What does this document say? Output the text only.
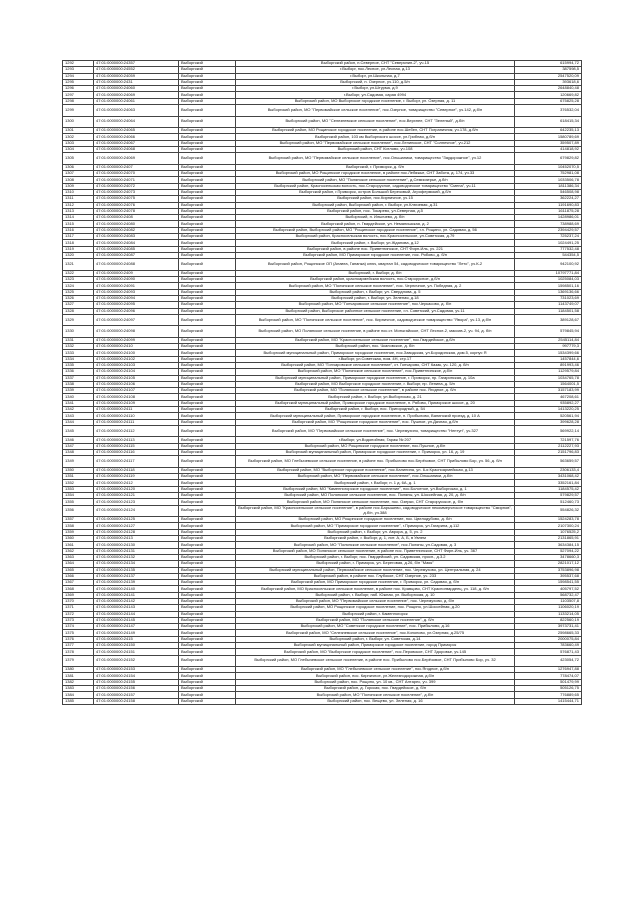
1292	47:01:0000000:24357	Выборгский	Выборгский район, п.Северное, СНТ "Северянин-2", уч.15	615994,72
1293	47:01:0000000:24552	Выборгский	г.Выборг, пос.Лесное, ул.Лесная, д.13	387598,5
1294	47:01:0000000:24059	Выборгский	г.Выборг, ул.Школьная, д.7	2547520,09
1295	47:01:0000000:2431	Выборгский	Выборгский, п. Озерное, уч.110, д.5/н	393618,6
1296	47:01:0000000:24060	Выборгский	г.Выборг, ул.Штурма, д.9	2648840,48
1297	47:01:0000000:24069	Выборгский	г.Выборг, ул.Садовая, сарая 4994	120669,82
1298	47:01:0000000:24061	Выборгский	Выборгский район, МО Выборгское городское поселение, г. Выборг, ул. Озерная, д. 11	675825,28
1299	47:01:0000000:24063	Выборгский	Выборгский район, МО "Первомайское сельское поселение", пос.Озерное, товарищество "Северное", уч.142, д.б/н	376532,04
1300	47:01:0000000:24064	Выборгский	Выборгский район, МО "Селезневское сельское поселение", пос.Верхнее, СНТ "Зеленый", д.б/н	618415,34
1301	47:01:0000000:24065	Выборгский	Выборгский район, МО Рощинское городское поселение, в районе пос.Шебел, СНТ Пограничник, уч.178, д.б/н	642235,13
1302	47:01:0000000:24066	Выборгский	Выборгский район, 103 км Выборгского шоссе, ул.Грибная, д.б/н	1580789,69
1303	47:01:0000000:24067	Выборгский	Выборгский район, МО "Первомайское сельское поселение", пос.Ленинское, СНТ "Солнечное", уч.212	359507,89
1304	47:01:0000000:24068	Выборгский	Выборгский район, СНТ Котлово, уч.108	414818,92
1305	47:01:0000000:24069	Выборгский	Выборгский район, МО "Первомайское сельское поселение", пос.Ольшаники, товарищество "Заудорожное", уч.12	679829,82
1306	47:01:0000000:2407	Выборгский	Выборгский, г. Приморск, д. б/н	10452070,5
1307	47:01:0000000:24070	Выборгский	Выборгский район, МО Рощинское городское поселение, в районе пос.Лебяжье, СНТ Забота, д. 174, уч.33	752981,08
1308	47:01:0000000:24071	Выборгский	Выборгский район, МО "Полянское сельское поселение", д.Семиозерье, д.б/н	1033506,78
1309	47:01:0000000:24072	Выборгский	Выборгский район, Красносельская волость, пос.Старорусное, садоводческое товарищество "Смена", уч.11	1811386,34
1310	47:01:0000000:24073	Выборгский	Выборгский район, г.Приморск, остров Большой Березовый, Агрофермский, д.б/н	546508,98
1311	47:01:0000000:24075	Выборгский	Выборгский район, пос.Кирпичное, уч.15	362224,27
1312	47:01:0000000:24076	Выборгский	Выборгский район, Выборгский район, г. Выборг, ул.Ключевая, д.31	1191690,83
1313	47:01:0000000:24078	Выборгский	Выборгский район, пос. Токарево, ул.Северная, д.5	1611875,28
1314	47:01:0000000:2408	Выборгский	Выборгский, п. Ильичево, д. б/н	1428986,01
1315	47:01:0000000:24080	Выборгский	Выборгский район, п. Гвардейское, ул. Неманишская, д. 2	738988,69
1316	47:01:0000000:24082	Выборгский	Выборгский район, Выборгский район, МО "Рощинское городское поселение", г.п. Рощино, ул. Садовая, д. 56	2394429,57
1317	47:01:0000000:24083	Выборгский	Выборгский район, Красносельская волость, пос.Красносельское, ул.Советская, д.79	725237,24
1318	47:01:0000000:24084	Выборгский	Выборгский район, г. Выборг, ул.Жданова, д.12	1024491,25
1319	47:01:0000000:24085	Выборгский	Выборгский район, в районе пос. Приветнинское, СНТ Фирн-Иль, уч. 221	777532,48
1320	47:01:0000000:24087	Выборгский	Выборгский район, МО Приморское городское поселение, пос. Рябово, д. б/н	544354,5
1321	47:01:0000000:24088	Выборгский	Выборгский район, Рощинское ОП (Анавта, Гапанка) ключ, квартал 54, садоводческое товарищество "Лето", уч.К-2	942100,92
1322	47:01:0000000:2409	Выборгский	Выборгский, г. Выборг, д. б/н	10797771,84
1323	47:01:0000000:24090	Выборгский	Выборгский район, красноармейская волость, пос.Старорусное, д.б/н	1025084,03
1324	47:01:0000000:24091	Выборгский	Выборгский район, МО "Полянское сельское поселение", пос. Черничное, ул. Победная, д. 2	1598501,16
1325	47:01:0000000:24093	Выборгский	Выборгский район, г. Выборг, ул. Свердлова, д. 5	1369136,66
1326	47:01:0000000:24094	Выборгский	Выборгский район, г. Выборг, ул. Зеленая, д.18	731023,69
1327	47:01:0000000:24095	Выборгский	Выборгский район, МО "Гончаровское сельское поселение", пос.Черкасово, д. б/н	1143749,07
1328	47:01:0000000:24096	Выборгский	Выборгский район, Выборгское районное сельское поселение, г.п. Советский, ул.Садовая, уч.11	1184501,58
1329	47:01:0000000:24097	Выборгский	Выборгский район, МО "Полянское сельское поселение", пос. Кирпичное, садоводческое товарищество "Явора", уч.13, д.б/н	389128,67
1330	47:01:0000000:24098	Выборгский	Выборгский район, МО Полянское сельское поселение, в районе пос.ст. Мотыгайское, СНТ Лесное-2, массив-2, уч. 94, д. б/н	579845,94
1331	47:01:0000000:24099	Выборгский	Выборгский район, МО "Красносельское сельское поселение", пос.Гвардейское, д.б/н	2545114,84
1332	47:01:0000000:2410	Выборгский	Выборгский район, пос. Чкаловское, д. б/н	997779,3
1333	47:01:0000000:24100	Выборгский	Выборгский муниципальный район, Приморское городское поселение, пос.Заводская, ул.Бородинская, дом.5, корпус Я	1534399,66
1334	47:01:0000000:24102	Выборгский	г.Выборг, ул.Советская, пом. 4Н, стр.17	1457844,6
1335	47:01:0000000:24103	Выборгский	Выборгский район, МО "Гончаровское сельское поселение", ст. Гончарово, СНТ Казак, уч. 120, д. б/н	891993,46
1336	47:01:0000000:24104	Выборгский	Выборгский район, МО "Полянское сельское поселение", пос.Приветнинское, д.б/н	1129579,84
1337	47:01:0000000:24105	Выборгский	Выборгский муниципальный район, Приморское городское поселение, г. Приморск, пр. Гагаринская, д. 10а	1034765,78
1338	47:01:0000000:24106	Выборгский	Выборгский район, МО Выборгское городское поселение, г. Выборг, пр. Ленина, д. 5/н	1564001,5
1339	47:01:0000000:24107	Выборгский	Выборгский район, МО "Полянское сельское поселение", в районе пос. Ягодное, д. б/н	3157183,99
1340	47:01:0000000:24108	Выборгский	Выборгский район, г. Выборг, ул.Выборгская, д. 21	467208,61
1341	47:01:0000000:24109	Выборгский	Выборгский муниципальный район, Приморское городское поселение, п. Рябово, Приморское шоссе, д. 20	935892,27
1342	47:01:0000000:2411	Выборгский	Выборгский район, г. Выборг, пос. Пригородный, д. 54	1413220,25
1343	47:01:0000000:24110	Выборгский	Выборгский муниципальный район, Приморское городское поселение, п. Прибылово, Ванинский проезд, д. 10 А	520561,94
1344	47:01:0000000:24111	Выборгский	Выборгский район, МО "Рощинское городское поселение", пос. Пушное, ул.Дачная, д.б/н	399628,28
1345	47:01:0000000:24112	Выборгский	Выборгский район, МО "Первомайское сельское поселение", пос. Черемухино, товарищество "Нептун", уч.327	569922,14
1346	47:01:0000000:24113	Выборгский	г.Выборг, ул.Водопойная, Гараж № 207	721597,76
1347	47:01:0000000:24115	Выборгский	Выборгский район, МО Рощинское городское поселение, пос.Пушное, д.б/н	2112227,93
1348	47:01:0000000:24116	Выборгский	Выборгский муниципальный район, Приморское городское поселение, г. Приморск, ул. 16, д. 19	2151796,83
1349	47:01:0000000:24117	Выборгский	Выборгский район, МО Глебычевское сельское поселение, в районе пос. Прибылово пос.Берёзовое, СНТ Прибылово Бор, уч. 56, д. б/н	563659,57
1350	47:01:0000000:24118	Выборгский	Выборгский район, МО "Выборгское городское поселение", пос.Калинина, ул. 6-я Красноармейская, д.13	2306133,4
1351	47:01:0000000:24119	Выборгский	Выборгский район, МО "Первомайское сельское поселение", пос.Ольшаники, д.б/н	3431068,42
1352	47:01:0000000:2412	Выборгский	Выборгский район, г. Выборг, п. 1 д. 6А, д. 1	3352161,84
1353	47:01:0000000:24120	Выборгский	Выборгский район, МО "Каменногорское городское поселение", пос.Болотное, ул.Выборгская, д. 1	1184575,42
1354	47:01:0000000:24121	Выборгский	Выборгский район, МО Полянское сельское поселение, пос. Поляны, ул. Шоссейная, д. 20, д. б/н	579829,57
1355	47:01:0000000:24123	Выборгский	Выборгский район, МО Полянское сельское поселение, пос. Озерки, СНТ Старорусское, д. б/н	512460,73
1356	47:01:0000000:24124	Выборгский	Выборгский район, МО "Красносельское сельское поселение", в районе пос.Барышево, садоводческое некоммерческое товарищество "Смирнов", д.б/н, уч.388	554826,32
1357	47:01:0000000:24125	Выборгский	Выборгский район, МО Рощинское городское поселение, пос. Цвелодубово, д. б/н	1524283,78
1358	47:01:0000000:24127	Выборгский	Выборгский район, МО "Приморское городское поселение", г.Приморск, ул.Гагарина, д.112	2107300,24
1359	47:01:0000000:24128	Выборгский	Выборгский район, г. Выборг, ул. Аврора, д. 5, уч. 2	1076525,2
1360	47:01:0000000:2413	Выборгский	Выборгский район, г. Выборг, д. 1, лит. А, А, Б, в Увлем	2131865,91
1361	47:01:0000000:24130	Выборгский	Выборгский район, МО "Полянское сельское поселение", пос.Поляны, ул.Садовая, д. 3	3634384,15
1362	47:01:0000000:24131	Выборгский	Выборгский район, МО Полянское сельское поселение, в районе пос. Приветнинское, СНТ Фирн-Иль, уч. 367	527094,22
1363	47:01:0000000:24132	Выборгский	Выборгский район, г. Выборг, пос. Гвардейский, ул. Садовская, просп., д.3.2	3478660,3
1364	47:01:0000000:24134	Выборгский	Выборгский район, г. Приморск, ул. Береговая, д.26, б/н "Маяк"	2821017,12
1365	47:01:0000000:24135	Выборгский	Выборгский муниципальный район, Первомайское сельское поселение, пос. Черемухово, ул. Центральная, д. 24	3753896,98
1366	47:01:0000000:24137	Выборгский	Выборгский район, в районе пос. Глубокое, СНТ Озерное, уч. 233	395537,68
1367	47:01:0000000:24139	Выборгский	Выборгский район, МО Приморское городское поселение, г. Приморск, ул. Садовая, д. б/н	1598541,55
1368	47:01:0000000:24140	Выборгский	Выборгский район, МО Красносельское сельское поселение, в районе пос. Кравцово, СНТ Красногвардеец, уч. 118, д. б/н	405797,52
1369	47:01:0000000:24141	Выборгский	Выборгский район, г. Выборг, наб. Южная, ул. Выборгская, д. 10	568732,47
1370	47:01:0000000:24142	Выборгский	Выборгский район, МО "Первомайское сельское поселение", пос. Черемухово, д. б/н	1103507,8
1371	47:01:0000000:24143	Выборгский	Выборгский район, МО Рощинское городское поселение, пос. Рощино, ул.Шоссейная, д.20	1106020,19
1372	47:01:0000000:24144	Выборгский	Выборгский район, г. Каменногорск	1133214,05
1373	47:01:0000000:24145	Выборгский	Выборгский район, МО "Полянское сельское поселение", д. б/н	822560,19
1374	47:01:0000000:24147	Выборгский	Выборгский район, МО "Советское городское поселение", пос. Прибылово, д.16	3973731,41
1375	47:01:0000000:24149	Выборгский	Выборгский район, МО "Селезневское сельское поселение", пос.Кононово, ул.Озерная, д.25/75	2598665,33
1376	47:01:0000000:2415	Выборгский	Выборгский район, г. Выборг, ул. Советская, д.14	2000075,84
1377	47:01:0000000:24150	Выборгский	Выборгский муниципальный район, Приморское городское поселение, город Приморск	783660,49
1378	47:01:0000000:24151	Выборгский	Выборгский район, МО "Выборгское городское поселение", пос.Перовское, СНТ Здоровье, уч.145	576871,43
1379	47:01:0000000:24152	Выборгский	Выборгский район, МО Глебычевское сельское поселение, в районе пос. Прибылово пос.Берёзовое, СНТ Прибылово Бор, уч. 32	423054,72
1380	47:01:0000000:24153	Выборгский	Выборгский район, МО "Глебычевское сельское поселение", пос.Ягодное, д.б/н	1276947,88
1381	47:01:0000000:24154	Выборгский	Выборгский район, пос. Кирпичное, ул.Железнодорожная, д.б/н	778474,07
1382	47:01:0000000:24155	Выборгский	Выборгский район, пос. Рощино, ул. 10 кв., СНТ Антарес, уч. 399	501479,99
1383	47:01:0000000:24156	Выборгский	Выборгский район, д. Горская, пос. Гвардейское, д. б/н	505126,75
1384	47:01:0000000:24157	Выборгский	Выборгский район, МО "Полянское сельское поселение", д.б/н	776889,65
1385	47:01:0000000:24158	Выборгский	Выборгский район, пос. Вещево, ул. Зеленая, д. 16	1415444,71
